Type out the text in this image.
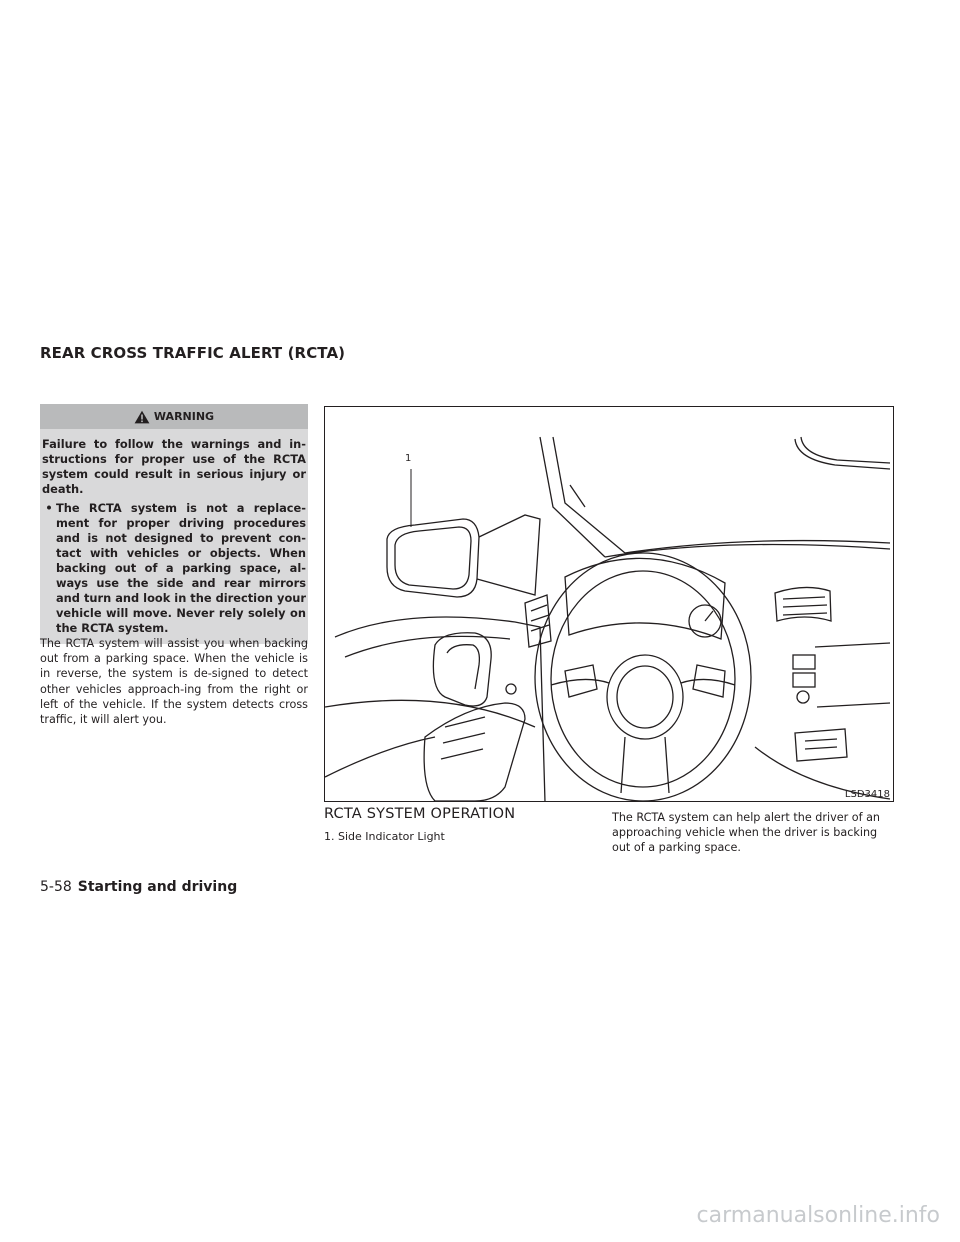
REAR CROSS TRAFFIC ALERT (RCTA)
WARNING

Failure to follow the warnings and in-structions for proper use of the RCTA system could result in serious injury or death.

• The RCTA system is not a replace-ment for proper driving procedures and is not designed to prevent con-tact with vehicles or objects. When backing out of a parking space, al-ways use the side and rear mirrors and turn and look in the direction your vehicle will move. Never rely solely on the RCTA system.

The RCTA system will assist you when backing out from a parking space. When the vehicle is in reverse, the system is de-signed to detect other vehicles approach-ing from the right or left of the vehicle. If the system detects cross traffic, it will alert you.

1
LSD3418
RCTA SYSTEM OPERATION
1. Side Indicator Light

The RCTA system can help alert the driver of an approaching vehicle when the driver is backing out of a parking space.

5-58 Starting and driving
carmanualsonline.info
